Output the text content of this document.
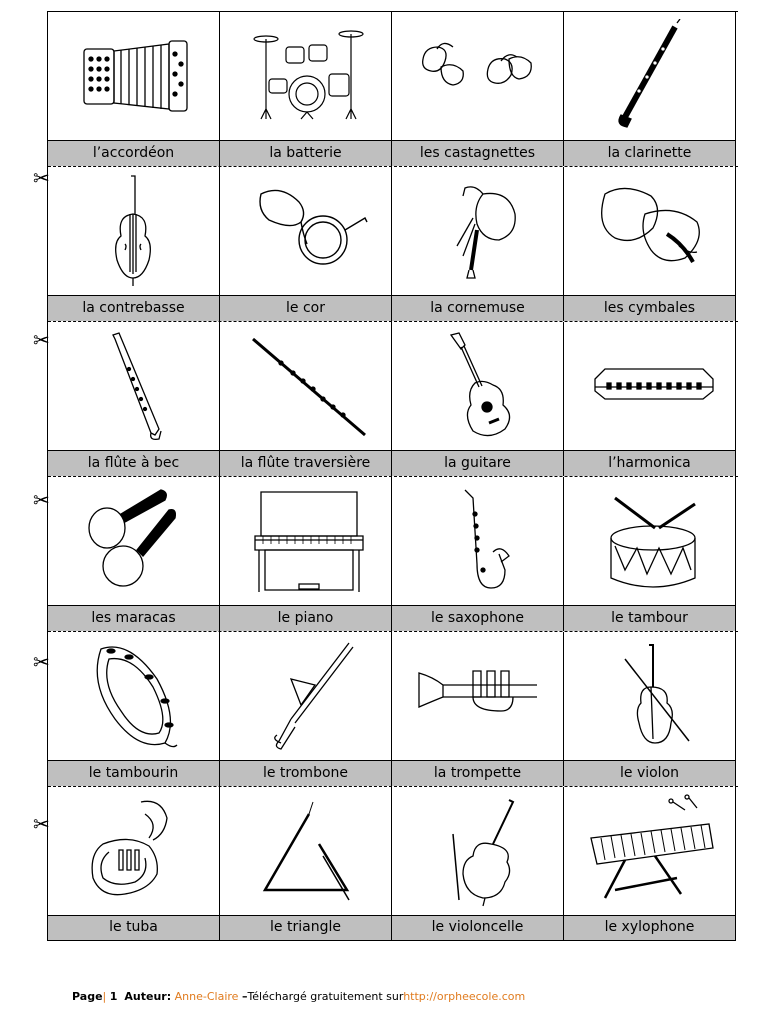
l’accordéon	la batterie	les castagnettes	la clarinette
la contrebasse	le cor	la cornemuse	les cymbales
la flûte à bec	la flûte traversière	la guitare	l’harmonica
les maracas	le piano	le saxophone	le tambour
le tambourin	le trombone	la trompette	le violon
le tuba	le triangle	le violoncelle	le xylophone
✂
✂
✂
✂
✂
Page| 1 Auteur: Anne-Claire –Téléchargé gratuitement surhttp://orpheecole.com
